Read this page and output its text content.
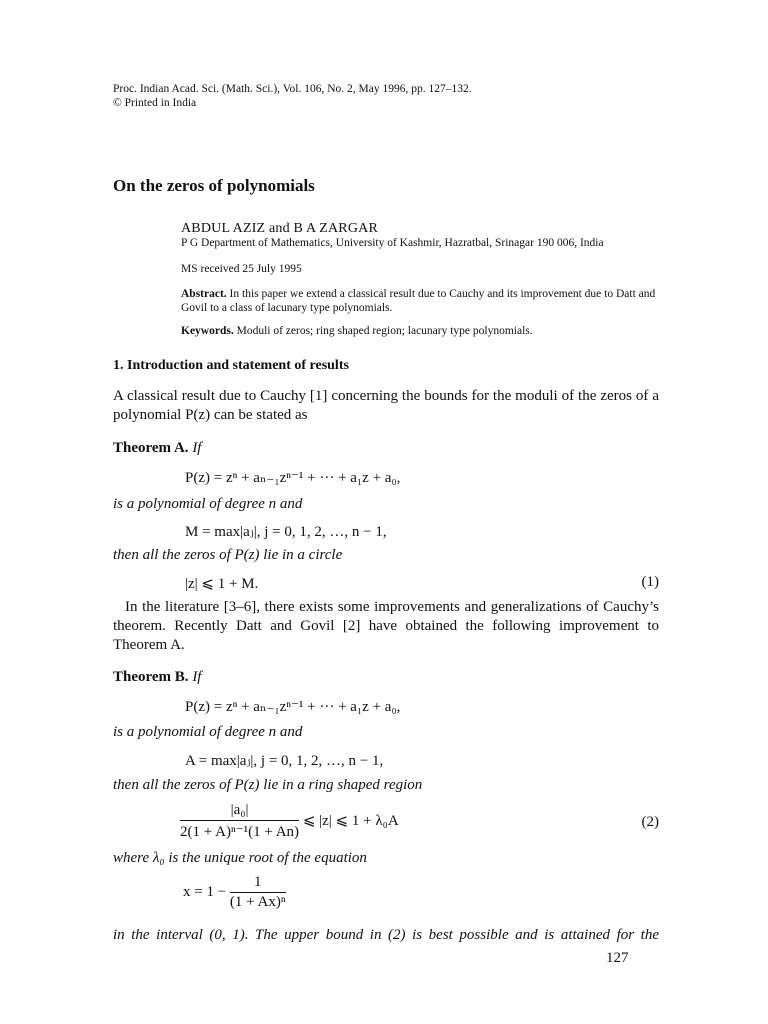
Proc. Indian Acad. Sci. (Math. Sci.), Vol. 106, No. 2, May 1996, pp. 127–132.
© Printed in India
On the zeros of polynomials
ABDUL AZIZ and B A ZARGAR
P G Department of Mathematics, University of Kashmir, Hazratbal, Srinagar 190 006, India
MS received 25 July 1995
Abstract. In this paper we extend a classical result due to Cauchy and its improvement due to Datt and Govil to a class of lacunary type polynomials.
Keywords. Moduli of zeros; ring shaped region; lacunary type polynomials.
1. Introduction and statement of results
A classical result due to Cauchy [1] concerning the bounds for the moduli of the zeros of a polynomial P(z) can be stated as
Theorem A. If
P(z) = zⁿ + aₙ₋₁zⁿ⁻¹ + ··· + a₁z + a₀,
is a polynomial of degree n and
M = max|aⱼ|, j = 0, 1, 2, …, n − 1,
then all the zeros of P(z) lie in a circle
|z| ⩽ 1 + M.	(1)
In the literature [3–6], there exists some improvements and generalizations of Cauchy’s theorem. Recently Datt and Govil [2] have obtained the following improvement to Theorem A.
Theorem B. If
P(z) = zⁿ + aₙ₋₁zⁿ⁻¹ + ··· + a₁z + a₀,
is a polynomial of degree n and
A = max|aⱼ|, j = 0, 1, 2, …, n − 1,
then all the zeros of P(z) lie in a ring shaped region
$\frac{\text{|a₀|}}{\text{2(1 + A)ⁿ⁻¹(1 + An)}}$ ⩽ |z| ⩽ 1 + λ₀A	(2)
where λ₀ is the unique root of the equation
$x = 1 - \frac{1}{\text{(1 + Ax)ⁿ}}$
in the interval (0, 1). The upper bound in (2) is best possible and is attained for the
127
